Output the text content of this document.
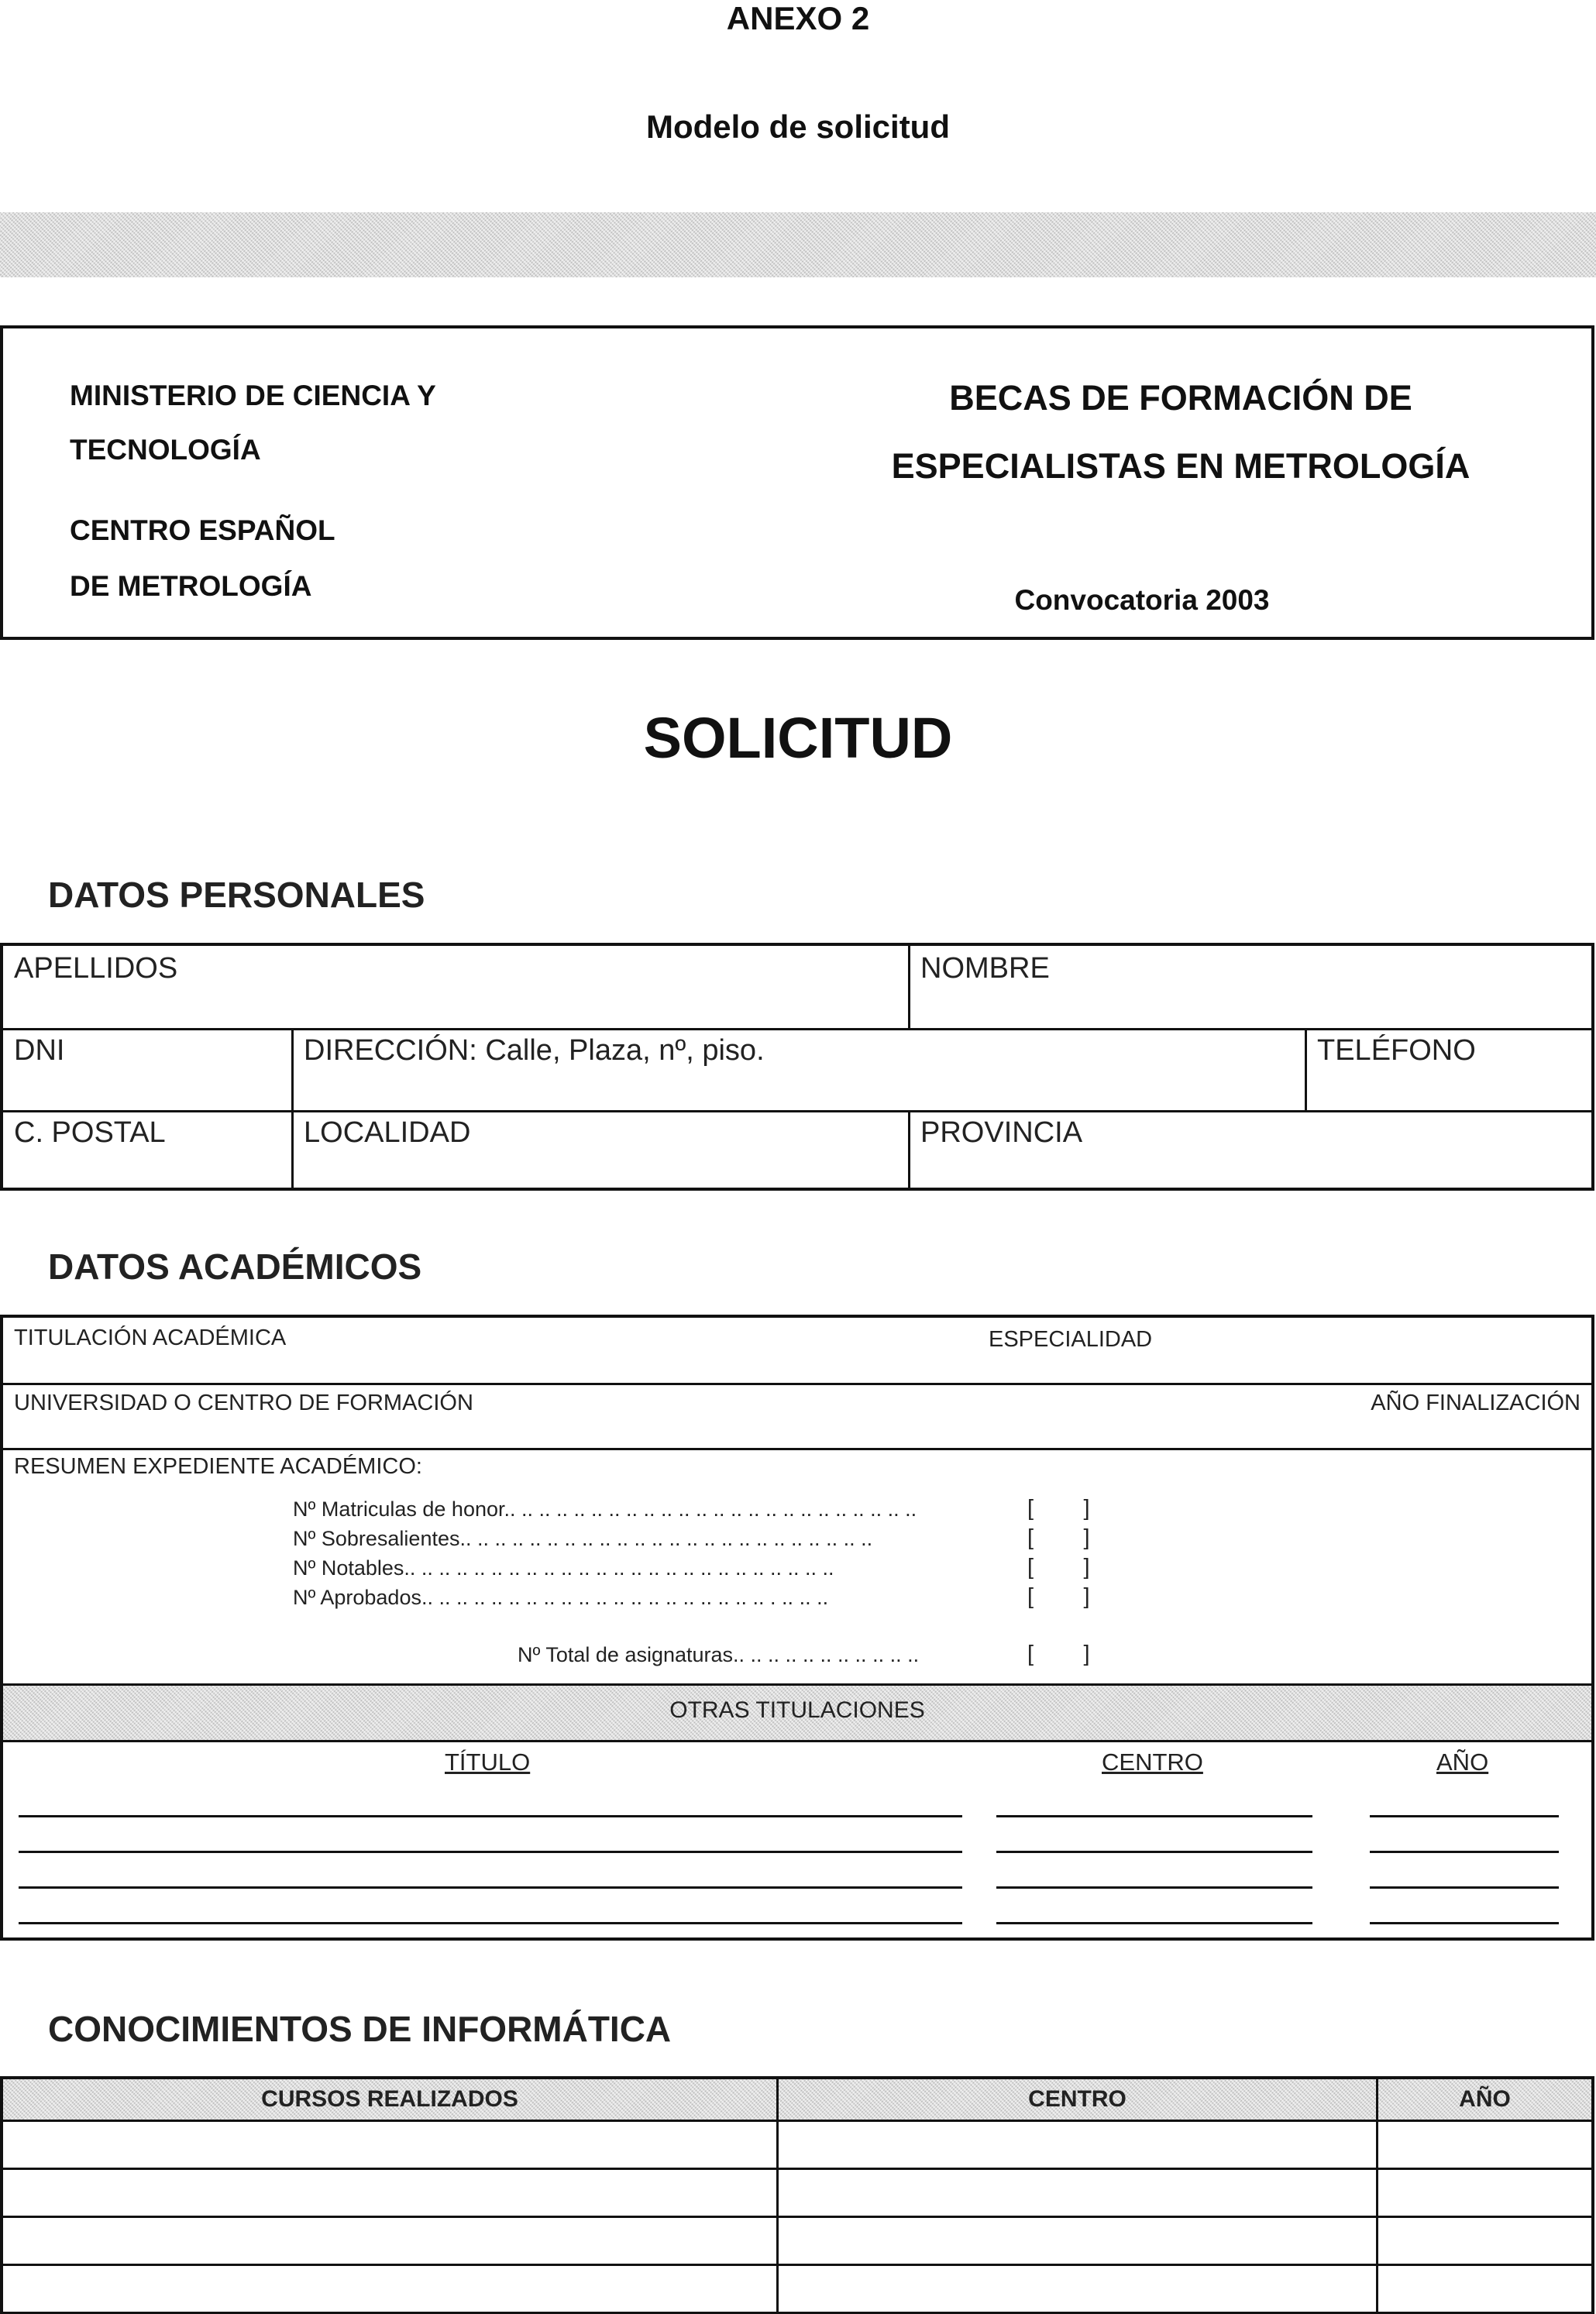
ANEXO 2
Modelo de solicitud
MINISTERIO DE CIENCIA Y
TECNOLOGÍA
CENTRO ESPAÑOL
DE METROLOGÍA
BECAS DE FORMACIÓN DE
ESPECIALISTAS EN METROLOGÍA
Convocatoria 2003
SOLICITUD
DATOS PERSONALES
APELLIDOS	NOMBRE
DNI	DIRECCIÓN: Calle, Plaza, nº, piso.	TELÉFONO
C. POSTAL	LOCALIDAD	PROVINCIA
DATOS ACADÉMICOS
TITULACIÓN ACADÉMICA	ESPECIALIDAD
UNIVERSIDAD O CENTRO DE FORMACIÓN	AÑO FINALIZACIÓN
RESUMEN EXPEDIENTE ACADÉMICO:
Nº Matriculas de honor.. .. .. .. .. .. .. .. .. .. .. .. .. .. .. .. .. .. .. .. .. .. .. ..	[        ]
Nº Sobresalientes.. .. .. .. .. .. .. .. .. .. .. .. .. .. .. .. .. .. .. .. .. .. .. ..	[        ]
Nº Notables.. .. .. .. .. .. .. .. .. .. .. .. .. .. .. .. .. .. .. .. .. .. .. .. ..	[        ]
Nº Aprobados.. .. .. .. .. .. .. .. .. .. .. .. .. .. .. .. .. .. .. .. . .. .. ..	[        ]
Nº Total de asignaturas.. .. .. .. .. .. .. .. .. .. ..	[        ]
OTRAS TITULACIONES
TÍTULO	CENTRO	AÑO
CONOCIMIENTOS DE INFORMÁTICA
CURSOS REALIZADOS	CENTRO	AÑO
